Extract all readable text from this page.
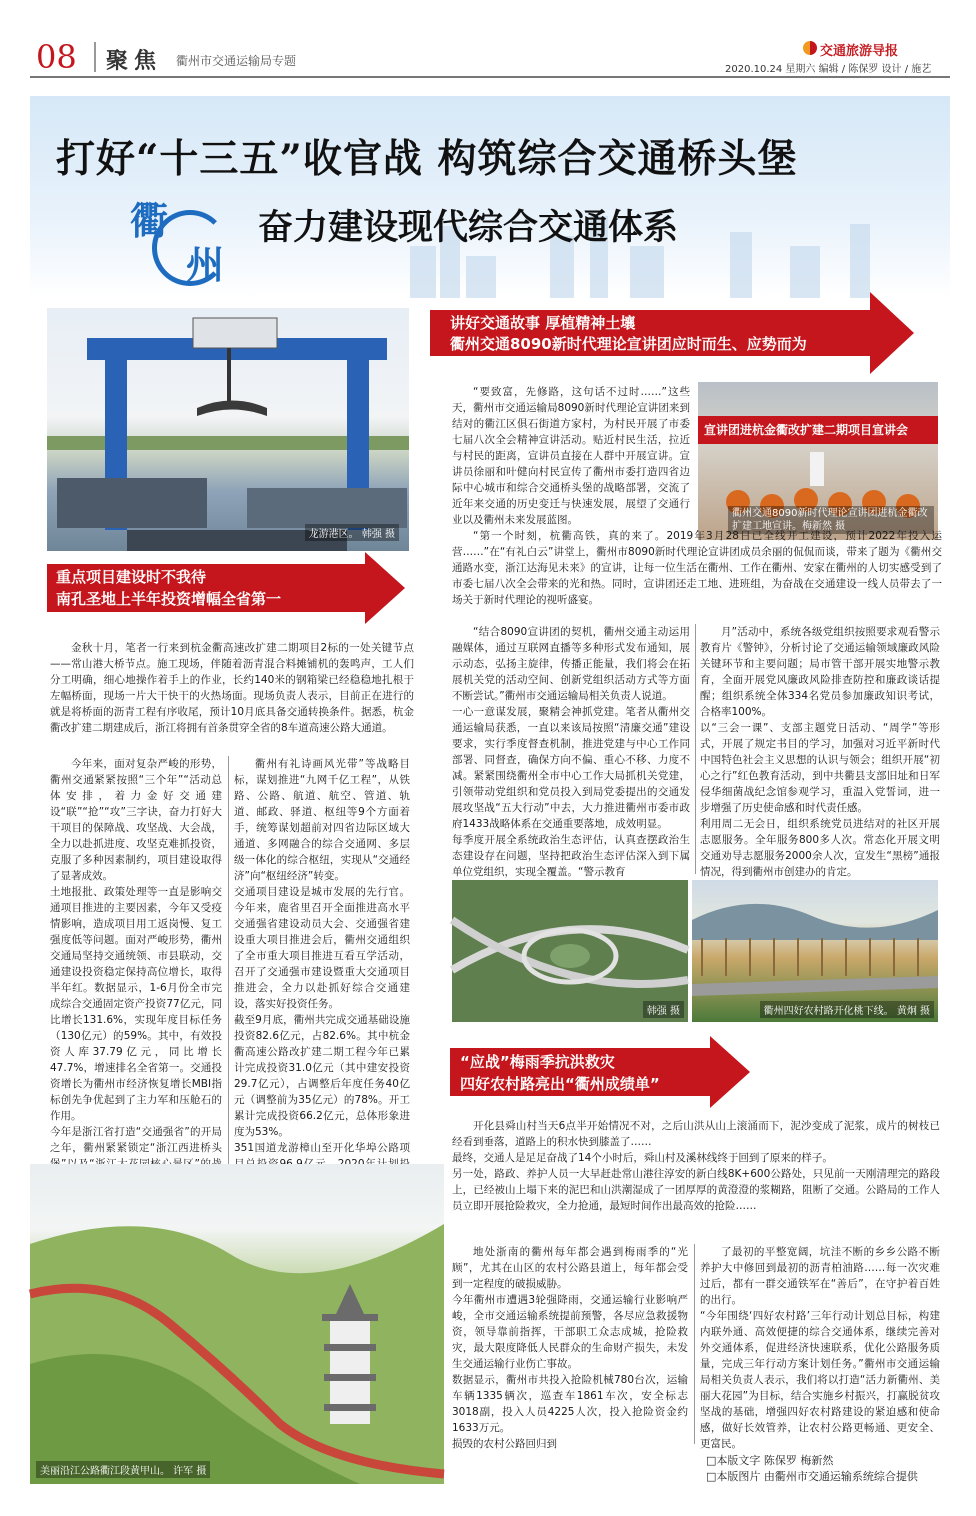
08 聚焦 衢州市交通运输局专题
交通旅游导报
2020.10.24 星期六 编辑 / 陈保罗 设计 / 施艺
打好“十三五”收官战 构筑综合交通桥头堡
衢
州
奋力建设现代综合交通体系
龙游港区。 韩强 摄
讲好交通故事 厚植精神土壤
衢州交通8090新时代理论宣讲团应时而生、应势而为
“要致富，先修路，这句话不过时……”这些天，衢州市交通运输局8090新时代理论宣讲团来到结对的衢江区俱石街道方家村，为村民开展了市委七届八次全会精神宣讲活动。贴近村民生活，拉近与村民的距离，宣讲员直接在人群中开展宣讲。宣讲员徐丽和叶健向村民宣传了衢州市委打造四省边际中心城市和综合交通桥头堡的战略部署，交流了近年来交通的历史变迁与快速发展，展望了交通行业以及衢州未来发展蓝图。
宣讲团进杭金衢改扩建二期项目宣讲会
衢州交通8090新时代理论宣讲团进杭金衢改扩建工地宣讲。梅新然 摄
“第一个时刻，杭衢高铁，真的来了。2019年3月28日已全线开工建设，预计2022年投入运营……”在“有礼白云”讲堂上，衢州市8090新时代理论宣讲团成员余丽的侃侃而谈，带来了题为《衢州交通路水变，浙江达海见未来》的宣讲，让每一位生活在衢州、工作在衢州、安家在衢州的人切实感受到了市委七届八次全会带来的光和热。同时，宣讲团还走工地、进班组，为奋战在交通建设一线人员带去了一场关于新时代理论的视听盛宴。
重点项目建设时不我待
南孔圣地上半年投资增幅全省第一
金秋十月，笔者一行来到杭金衢高速改扩建二期项目2标的一处关键节点——常山港大桥节点。施工现场，伴随着沥青混合料摊铺机的轰鸣声，工人们分工明确，细心地操作着手上的作业，长约140米的钢箱梁已经稳稳地扎根于左幅桥面，现场一片大干快干的火热场面。现场负责人表示，目前正在进行的就是将桥面的沥青工程有序收尾，预计10月底具备交通转换条件。据悉，杭金衢改扩建二期建成后，浙江将拥有首条贯穿全省的8车道高速公路大通道。
今年来，面对复杂严峻的形势，衢州交通紧紧按照“三个年”“活动总体安排，着力金好交通建设“联”“抢”“攻”三字诀，奋力打好大干项目的保障战、攻坚战、大会战，全力以赴抓进度、攻坚克难抓投资，克服了多种因素制约，项目建设取得了显著成效。
土地报批、政策处理等一直是影响交通项目推进的主要因素，今年又受疫情影响，造成项目用工返岗慢、复工强度低等问题。面对严峻形势，衢州交通局坚持交通统领、市县联动，交通建设投资稳定保持高位增长，取得半年红。数据显示，1-6月份全市完成综合交通固定资产投资77亿元，同比增长131.6%，实现年度目标任务（130亿元）的59%。其中，有效投资人库37.79亿元，同比增长47.7%，增速排名全省第一。交通投资增长为衢州市经济恢复增长MBI指标创先争优起到了主力军和压舱石的作用。
今年是浙江省打造“交通强省”的开局之年，衢州紧紧锁定“浙江西进桥头
衢州有礼诗画风光带”等战略目标，谋划推进“九网千亿工程”，从铁路、公路、航道、航空、管道、轨道、邮政、驿道、枢纽等9个方面着手，统筹谋划超前对四省边际区域大通道、多网融合的综合交通网、多层级一体化的综合枢纽，实现从“交通经济”向“枢纽经济”转变。
交通项目建设是城市发展的先行官。今年来，鹿省里召开全面推进高水平交通强省建设动员大会、交通强省建设重大项目推进会后，衢州交通组织了全市重大项目推进互看互学活动，召开了交通强市建设暨重大交通项目推进会，全力以赴抓好综合交通建设，落实好投资任务。
截至9月底，衢州共完成交通基础设施投资82.6亿元，占82.6%。其中杭金衢高速公路改扩建二期工程今年已累计完成投资31.0亿元（其中建安投资29.7亿元），占调整后年度任务40亿元（调整前为35亿元）的78%。开工累计完成投资66.2亿元，总体形象进度为53%。
351国道龙游樟山至开化华埠公路项
“结合8090宣讲团的契机，衢州交通主动运用融媒体，通过互联网直播等多种形式发布通知，展示动态，弘扬主旋律，传播正能量，我们将会在拓展机关党的活动空间、创新党组织活动方式等方面不断尝试。”衢州市交通运输局相关负责人说道。
一心一意谋发展，聚精会神抓党建。笔者从衢州交通运输局获悉，一直以来该局按照“清廉交通”建设要求，实行季度督查机制，推进党建与中心工作同部署、同督查，确保方向不偏、重心不移、力度不减。紧紧围绕衢州全市中心工作大局抓机关党建，引领带动党组织和党员投入到局党委提出的交通发展攻坚战“五大行动”中去，大力推进衢州市委市政府1433战略体系在交通重要落地，成效明显。
每季度开展全系统政治生态评估，认真查摆政治生态建设存在问题，坚持把政治生态评估深入到下属单位党组织，实现全覆盖。“警示教育
月”活动中，系统各级党组织按照要求观看警示教育片《警钟》，分析讨论了交通运输领域廉政风险关键环节和主要问题；局市管干部开展实地警示教育，全面开展党风廉政风险排查防控和廉政谈话提醒；组织系统全体334名党员参加廉政知识考试，合格率100%。
以“三会一课”、支部主题党日活动、“周学”等形式，开展了规定书目的学习，加强对习近平新时代中国特色社会主义思想的认识与领会；组织开展“初心之行”红色教育活动，到中共衢县支部旧址和日军侵华细菌战纪念馆参观学习，重温入党誓词，进一步增强了历史使命感和时代责任感。
利用周二无会日，组织系统党员进结对的社区开展志愿服务。全年服务800多人次。常态化开展文明交通劝导志愿服务2000余人次，宣发生“黑榜”通报情况，得到衢州市创建办的肯定。
韩强 摄	衢州四好农村路开化桃下线。 黄炯 摄
美丽沿江公路衢江段黄甲山。 许军 摄
“应战”梅雨季抗洪救灾
四好农村路亮出“衢州成绩单”
开化县舜山村当天6点半开始情况不对，之后山洪从山上滚涌而下，泥沙变成了泥浆，成片的树枝已经看到垂落，道路上的积水快到膝盖了……
最终，交通人是足足奋战了14个小时后，舜山村及溪林线终于回到了原来的样子。
另一处，路政、养护人员一大早赶赴常山港往淳安的新白线8K+600公路处，只见前一天刚清理完的路段上，已经被山上塌下来的泥巴和山洪潮湿成了一团厚厚的黄澄澄的浆糊路，阻断了交通。公路局的工作人员立即开展抢险救灾，全力抢通，最短时间作出最高效的抢险……
地处浙南的衢州每年都会遇到梅雨季的“光顾”，尤其在山区的农村公路县道上，每年都会受到一定程度的破损威胁。
今年衢州市遭遇3轮强降雨，交通运输行业影响严峻，全市交通运输系统提前预警，各尽应急救援物资，领导靠前指挥，干部职工众志成城，抢险救灾，最大限度降低人民群众的生命财产损失，未发生交通运输行业伤亡事故。
数据显示，衢州市共投入抢险机械780台次，运输车辆1335辆次，巡查车1861车次，安全标志3018副，投入人员4225人次，投入抢险资金约1633万元。
损毁的农村公路回归到
了最初的平整宽阔，坑洼不断的乡乡公路不断养护大中修回到最初的沥青柏油路……每一次灾难过后，都有一群交通铁军在“善后”，在守护着百姓的出行。
“今年围绕‘四好农村路’三年行动计划总目标，构建内联外通、高效便捷的综合交通体系，继续完善对外交通体系，促进经济快速联系，优化公路服务质量，完成三年行动方案计划任务。”衢州市交通运输局相关负责人表示，我们将以打造“活力新衢州、美丽大花园”为目标，结合实施乡村振兴，打赢脱贫攻坚战的基础，增强四好农村路建设的紧迫感和使命感，做好长效管养，让农村公路更畅通、更安全、更富民。
□本版文字 陈保罗 梅新然
□本版图片 由衢州市交通运输系统综合提供
